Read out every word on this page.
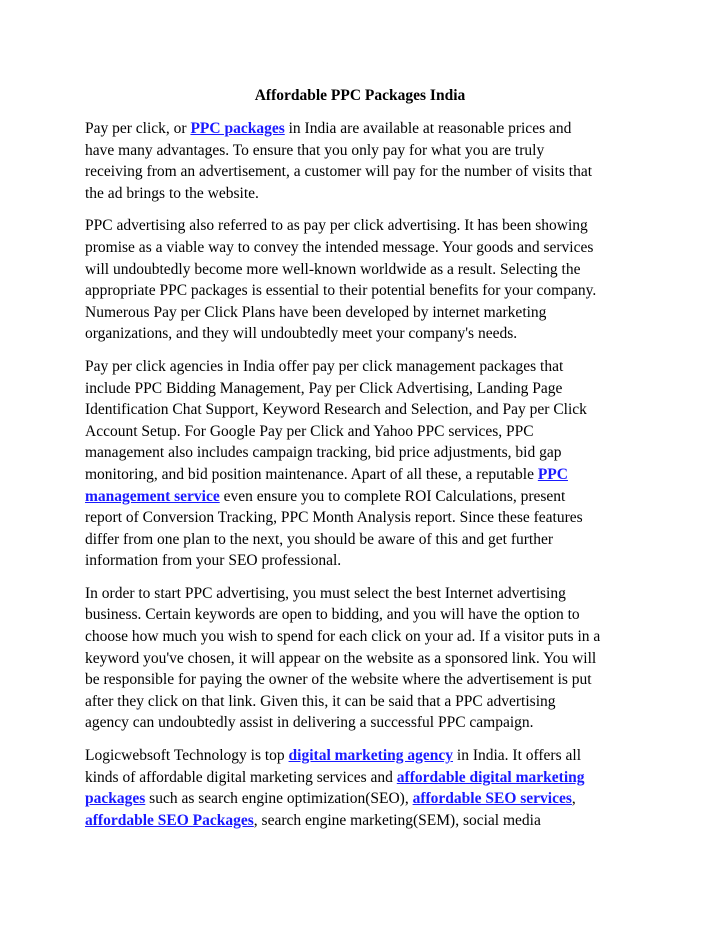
Affordable PPC Packages India

Pay per click, or PPC packages in India are available at reasonable prices and
have many advantages. To ensure that you only pay for what you are truly
receiving from an advertisement, a customer will pay for the number of visits that
the ad brings to the website.

PPC advertising also referred to as pay per click advertising. It has been showing
promise as a viable way to convey the intended message. Your goods and services
will undoubtedly become more well-known worldwide as a result. Selecting the
appropriate PPC packages is essential to their potential benefits for your company.
Numerous Pay per Click Plans have been developed by internet marketing
organizations, and they will undoubtedly meet your company's needs.

Pay per click agencies in India offer pay per click management packages that
include PPC Bidding Management, Pay per Click Advertising, Landing Page
Identification Chat Support, Keyword Research and Selection, and Pay per Click
Account Setup. For Google Pay per Click and Yahoo PPC services, PPC
management also includes campaign tracking, bid price adjustments, bid gap
monitoring, and bid position maintenance. Apart of all these, a reputable PPC
management service even ensure you to complete ROI Calculations, present
report of Conversion Tracking, PPC Month Analysis report. Since these features
differ from one plan to the next, you should be aware of this and get further
information from your SEO professional.

In order to start PPC advertising, you must select the best Internet advertising
business. Certain keywords are open to bidding, and you will have the option to
choose how much you wish to spend for each click on your ad. If a visitor puts in a
keyword you've chosen, it will appear on the website as a sponsored link. You will
be responsible for paying the owner of the website where the advertisement is put
after they click on that link. Given this, it can be said that a PPC advertising
agency can undoubtedly assist in delivering a successful PPC campaign.

Logicwebsoft Technology is top digital marketing agency in India. It offers all
kinds of affordable digital marketing services and affordable digital marketing
packages such as search engine optimization(SEO), affordable SEO services,
affordable SEO Packages, search engine marketing(SEM), social media
